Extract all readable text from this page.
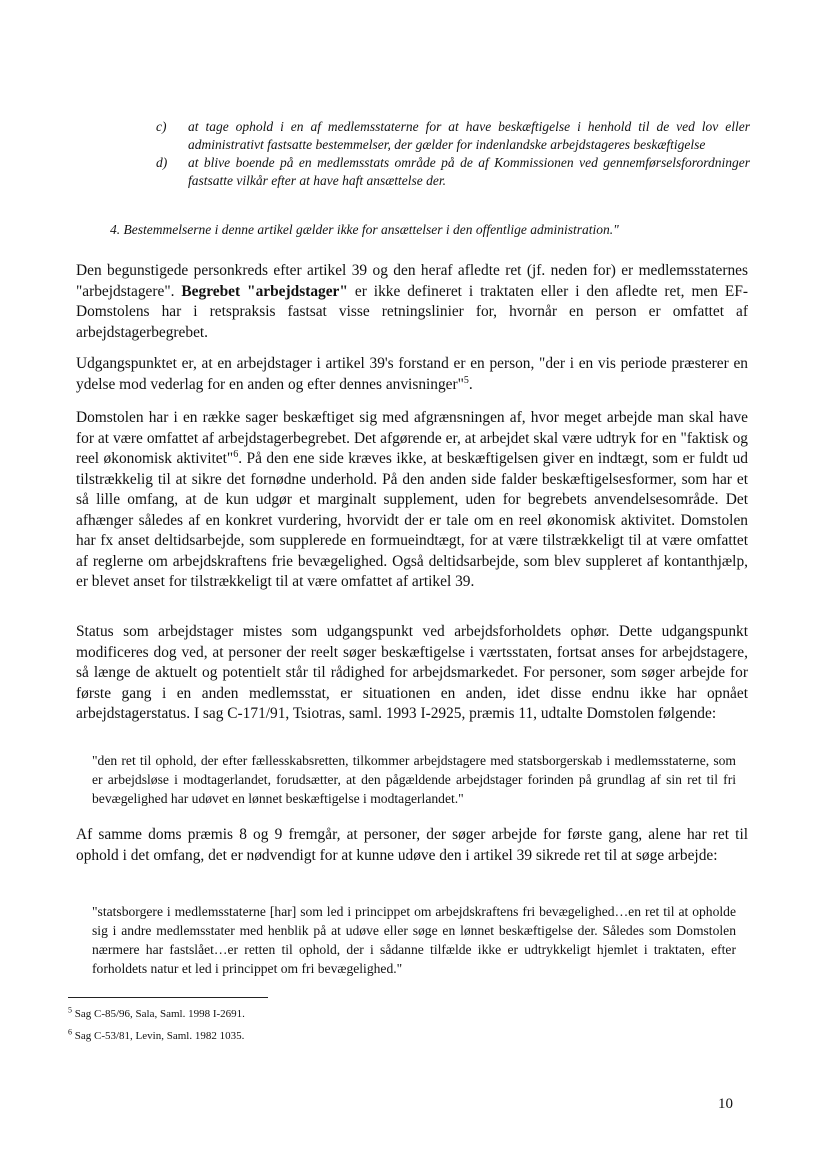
c) at tage ophold i en af medlemsstaterne for at have beskæftigelse i henhold til de ved lov eller administrativt fastsatte bestemmelser, der gælder for indenlandske arbejdstageres beskæftigelse
d) at blive boende på en medlemsstats område på de af Kommissionen ved gennemførselsforordninger fastsatte vilkår efter at have haft ansættelse der.
4. Bestemmelserne i denne artikel gælder ikke for ansættelser i den offentlige administration."
Den begunstigede personkreds efter artikel 39 og den heraf afledte ret (jf. neden for) er medlemsstaternes "arbejdstagere". Begrebet "arbejdstager" er ikke defineret i traktaten eller i den afledte ret, men EF-Domstolens har i retspraksis fastsat visse retningslinier for, hvornår en person er omfattet af arbejdstagerbegrebet.
Udgangspunktet er, at en arbejdstager i artikel 39's forstand er en person, "der i en vis periode præsterer en ydelse mod vederlag for en anden og efter dennes anvisninger"$^5$.
Domstolen har i en række sager beskæftiget sig med afgrænsningen af, hvor meget arbejde man skal have for at være omfattet af arbejdstagerbegrebet. Det afgørende er, at arbejdet skal være udtryk for en "faktisk og reel økonomisk aktivitet"$^6$. På den ene side kræves ikke, at beskæftigelsen giver en indtægt, som er fuldt ud tilstrækkelig til at sikre det fornødne underhold. På den anden side falder beskæftigelsesformer, som har et så lille omfang, at de kun udgør et marginalt supplement, uden for begrebets anvendelsesområde. Det afhænger således af en konkret vurdering, hvorvidt der er tale om en reel økonomisk aktivitet. Domstolen har fx anset deltidsarbejde, som supplerede en formueindtægt, for at være tilstrækkeligt til at være omfattet af reglerne om arbejdskraftens frie bevægelighed. Også deltidsarbejde, som blev suppleret af kontanthjælp, er blevet anset for tilstrækkeligt til at være omfattet af artikel 39.
Status som arbejdstager mistes som udgangspunkt ved arbejdsforholdets ophør. Dette udgangspunkt modificeres dog ved, at personer der reelt søger beskæftigelse i værtsstaten, fortsat anses for arbejdstagere, så længe de aktuelt og potentielt står til rådighed for arbejdsmarkedet. For personer, som søger arbejde for første gang i en anden medlemsstat, er situationen en anden, idet disse endnu ikke har opnået arbejdstagerstatus. I sag C-171/91, Tsiotras, saml. 1993 I-2925, præmis 11, udtalte Domstolen følgende:
"den ret til ophold, der efter fællesskabsretten, tilkommer arbejdstagere med statsborgerskab i medlemsstaterne, som er arbejdsløse i modtagerlandet, forudsætter, at den pågældende arbejdstager forinden på grundlag af sin ret til fri bevægelighed har udøvet en lønnet beskæftigelse i modtagerlandet."
Af samme doms præmis 8 og 9 fremgår, at personer, der søger arbejde for første gang, alene har ret til ophold i det omfang, det er nødvendigt for at kunne udøve den i artikel 39 sikrede ret til at søge arbejde:
"statsborgere i medlemsstaterne [har] som led i princippet om arbejdskraftens fri bevægelighed…en ret til at opholde sig i andre medlemsstater med henblik på at udøve eller søge en lønnet beskæftigelse der. Således som Domstolen nærmere har fastslået…er retten til ophold, der i sådanne tilfælde ikke er udtrykkeligt hjemlet i traktaten, efter forholdets natur et led i princippet om fri bevægelighed."
$^5$ Sag C-85/96, Sala, Saml. 1998 I-2691.
$^6$ Sag C-53/81, Levin, Saml. 1982 1035.
10
